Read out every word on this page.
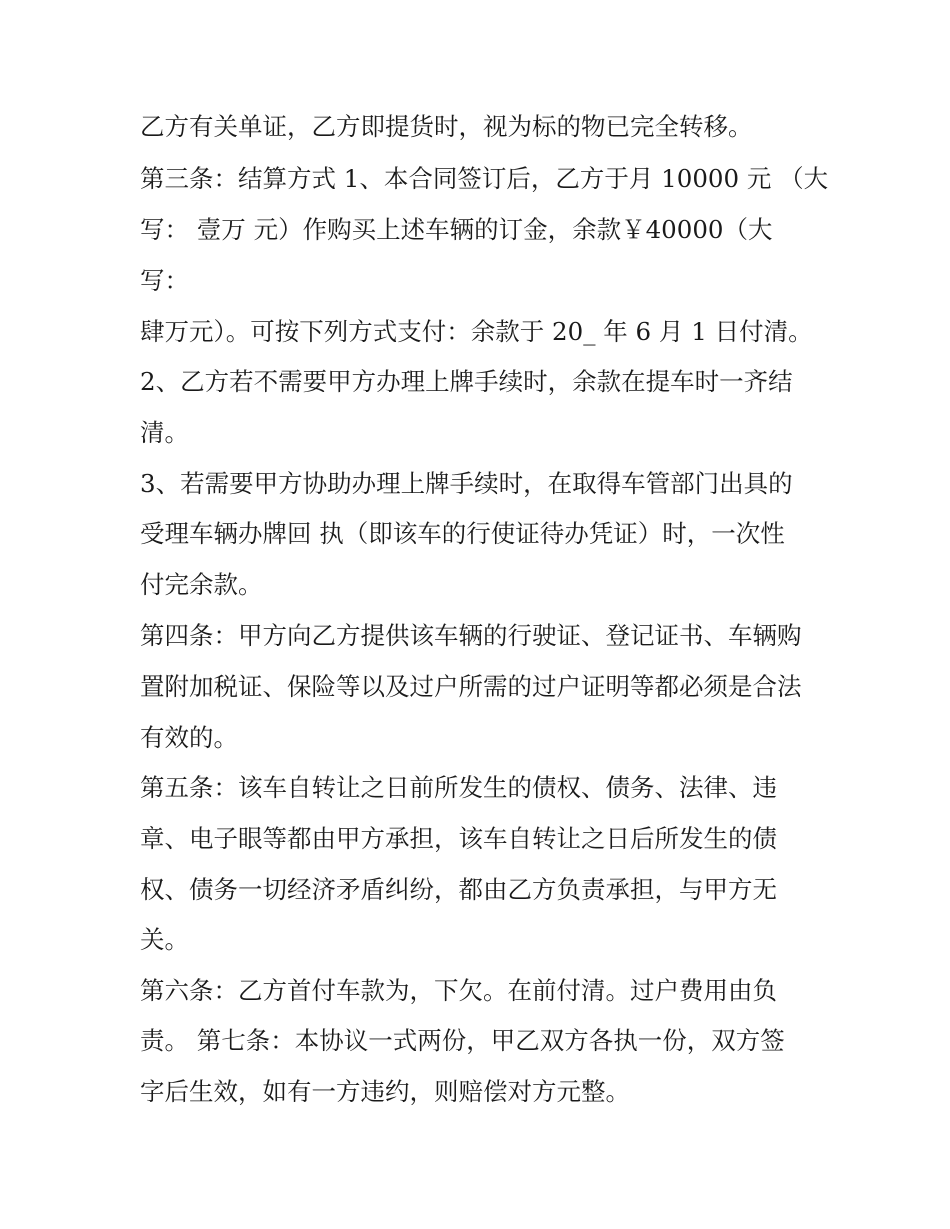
乙方有关单证，乙方即提货时，视为标的物已完全转移。
第三条：结算方式 1、本合同签订后，乙方于月 10000 元 （大
写： 壹万 元）作购买上述车辆的订金，余款￥40000（大
写：
肆万元）。可按下列方式支付：余款于 20_ 年 6 月 1 日付清。
2、乙方若不需要甲方办理上牌手续时，余款在提车时一齐结
清。
3、若需要甲方协助办理上牌手续时，在取得车管部门出具的
受理车辆办牌回 执（即该车的行使证待办凭证）时，一次性
付完余款。
第四条：甲方向乙方提供该车辆的行驶证、登记证书、车辆购
置附加税证、保险等以及过户所需的过户证明等都必须是合法
有效的。
第五条：该车自转让之日前所发生的债权、债务、法律、违
章、电子眼等都由甲方承担，该车自转让之日后所发生的债
权、债务一切经济矛盾纠纷，都由乙方负责承担，与甲方无
关。
第六条：乙方首付车款为，下欠。在前付清。过户费用由负
责。 第七条：本协议一式两份，甲乙双方各执一份，双方签
字后生效，如有一方违约，则赔偿对方元整。
